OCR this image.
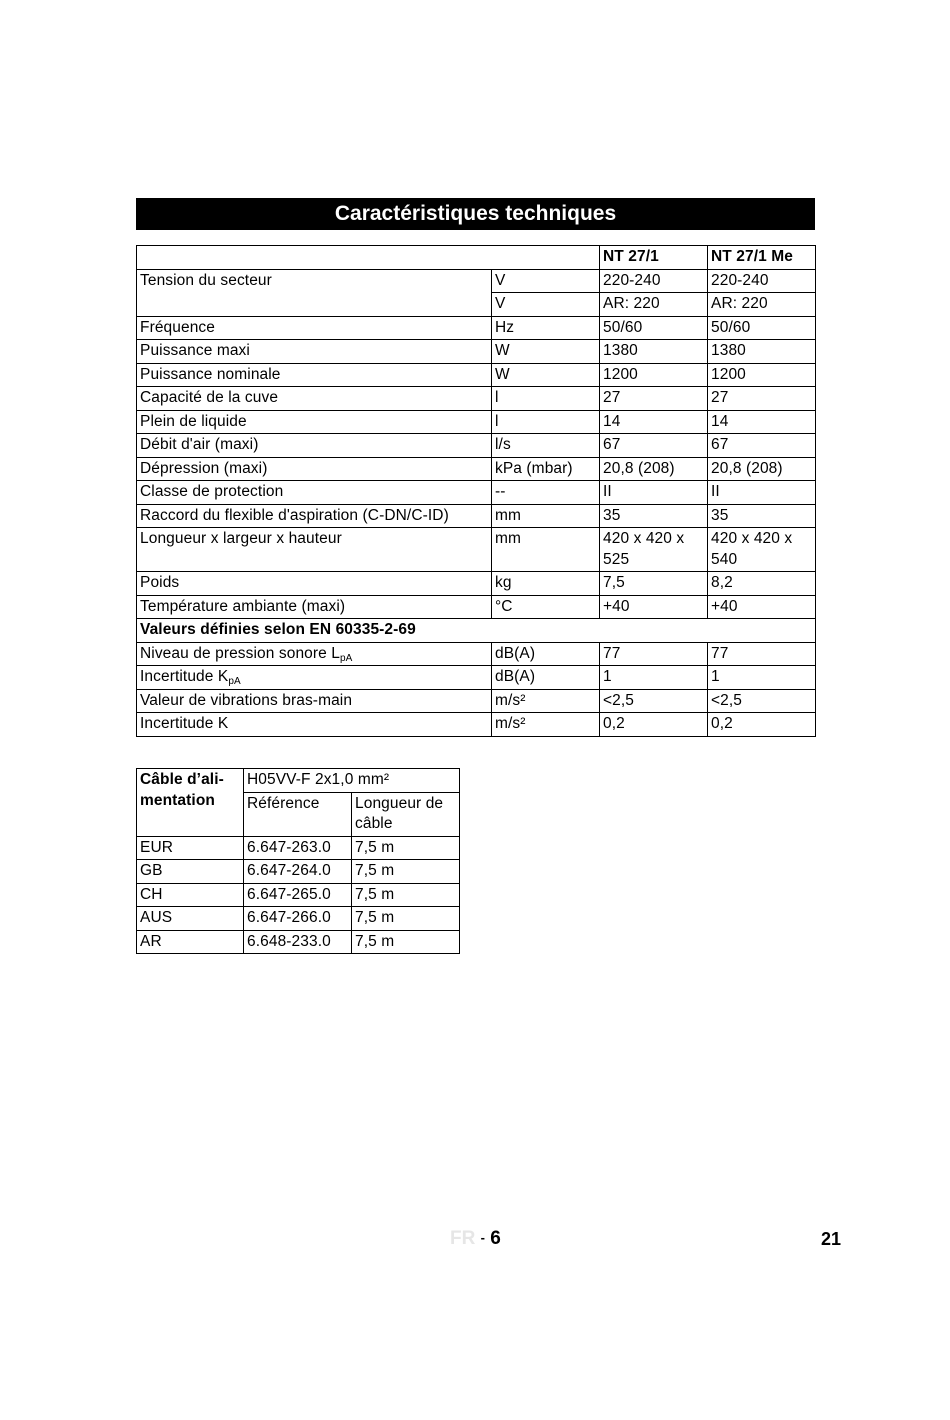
Caractéristiques techniques
		NT 27/1	NT 27/1 Me
Tension du secteur	V	220-240	220-240
	V	AR: 220	AR: 220
Fréquence	Hz	50/60	50/60
Puissance maxi	W	1380	1380
Puissance nominale	W	1200	1200
Capacité de la cuve	l	27	27
Plein de liquide	l	14	14
Débit d'air (maxi)	l/s	67	67
Dépression (maxi)	kPa (mbar)	20,8 (208)	20,8 (208)
Classe de protection	--	II	II
Raccord du flexible d'aspiration (C-DN/C-ID)	mm	35	35
Longueur x largeur x hauteur	mm	420 x 420 x 525	420 x 420 x 540
Poids	kg	7,5	8,2
Température ambiante (maxi)	°C	+40	+40
Valeurs définies selon EN 60335-2-69			
Niveau de pression sonore $L_{pA}$	dB(A)	77	77
Incertitude $K_{pA}$	dB(A)	1	1
Valeur de vibrations bras-main	m/s²	<2,5	<2,5
Incertitude K	m/s²	0,2	0,2
Câble d’ali-mentation	H05VV-F 2x1,0 mm²	
	Référence	Longueur de câble
EUR	6.647-263.0	7,5 m
GB	6.647-264.0	7,5 m
CH	6.647-265.0	7,5 m
AUS	6.647-266.0	7,5 m
AR	6.648-233.0	7,5 m
FR - 6	21
